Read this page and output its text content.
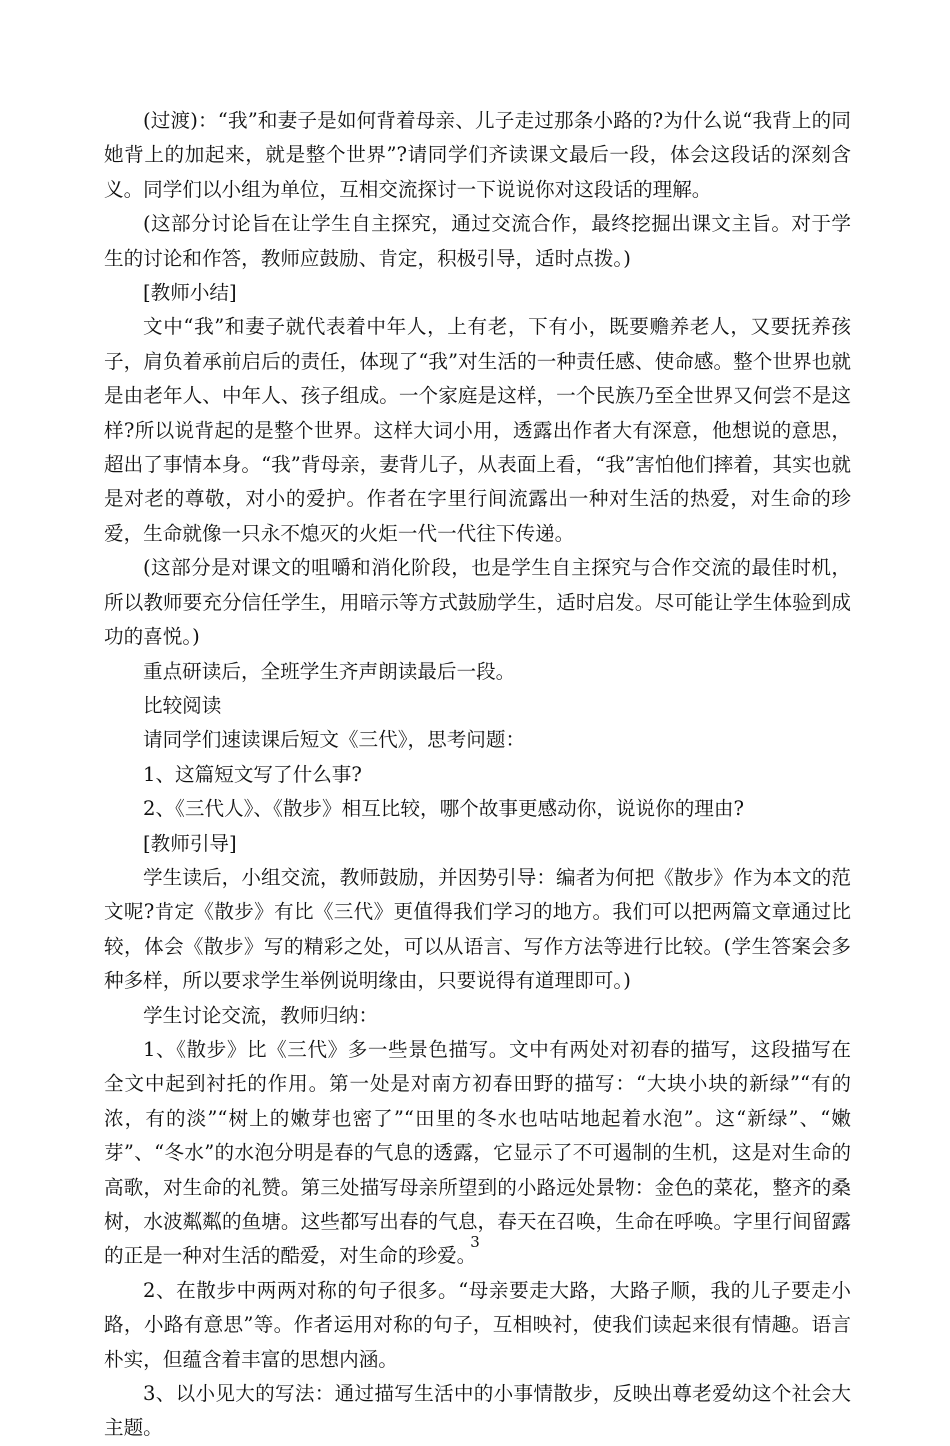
(过渡)：“我”和妻子是如何背着母亲、儿子走过那条小路的?为什么说“我背上的同她背上的加起来，就是整个世界”?请同学们齐读课文最后一段，体会这段话的深刻含义。同学们以小组为单位，互相交流探讨一下说说你对这段话的理解。

(这部分讨论旨在让学生自主探究，通过交流合作，最终挖掘出课文主旨。对于学生的讨论和作答，教师应鼓励、肯定，积极引导，适时点拨。)

[教师小结]

文中“我”和妻子就代表着中年人，上有老，下有小，既要赡养老人，又要抚养孩子，肩负着承前启后的责任，体现了“我”对生活的一种责任感、使命感。整个世界也就是由老年人、中年人、孩子组成。一个家庭是这样，一个民族乃至全世界又何尝不是这样?所以说背起的是整个世界。这样大词小用，透露出作者大有深意，他想说的意思，超出了事情本身。“我”背母亲，妻背儿子，从表面上看，“我”害怕他们摔着，其实也就是对老的尊敬，对小的爱护。作者在字里行间流露出一种对生活的热爱，对生命的珍爱，生命就像一只永不熄灭的火炬一代一代往下传递。

(这部分是对课文的咀嚼和消化阶段，也是学生自主探究与合作交流的最佳时机，所以教师要充分信任学生，用暗示等方式鼓励学生，适时启发。尽可能让学生体验到成功的喜悦。)

重点研读后，全班学生齐声朗读最后一段。

比较阅读

请同学们速读课后短文《三代》，思考问题：

1、这篇短文写了什么事?

2、《三代人》、《散步》相互比较，哪个故事更感动你，说说你的理由?

[教师引导]

学生读后，小组交流，教师鼓励，并因势引导：编者为何把《散步》作为本文的范文呢?肯定《散步》有比《三代》更值得我们学习的地方。我们可以把两篇文章通过比较，体会《散步》写的精彩之处，可以从语言、写作方法等进行比较。(学生答案会多种多样，所以要求学生举例说明缘由，只要说得有道理即可。)

学生讨论交流，教师归纳：

1、《散步》比《三代》多一些景色描写。文中有两处对初春的描写，这段描写在全文中起到衬托的作用。第一处是对南方初春田野的描写：“大块小块的新绿”“有的浓，有的淡”“树上的嫩芽也密了”“田里的冬水也咕咕地起着水泡”。这“新绿”、“嫩芽”、“冬水”的水泡分明是春的气息的透露，它显示了不可遏制的生机，这是对生命的高歌，对生命的礼赞。第三处描写母亲所望到的小路远处景物：金色的菜花，整齐的桑树，水波粼粼的鱼塘。这些都写出春的气息，春天在召唤，生命在呼唤。字里行间留露的正是一种对生活的酷爱，对生命的珍爱。

2、在散步中两两对称的句子很多。“母亲要走大路，大路子顺，我的儿子要走小路，小路有意思”等。作者运用对称的句子，互相映衬，使我们读起来很有情趣。语言朴实，但蕴含着丰富的思想内涵。

3、以小见大的写法：通过描写生活中的小事情散步，反映出尊老爱幼这个社会大主题。

3
